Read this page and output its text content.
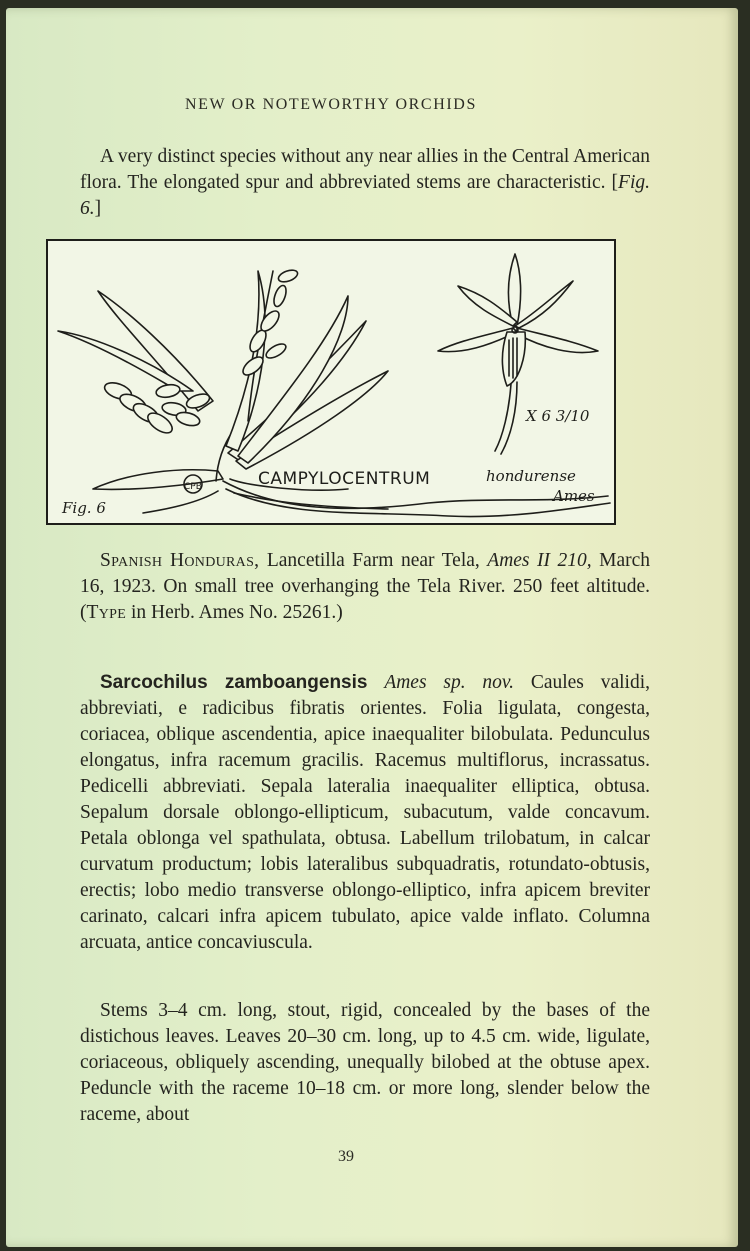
NEW OR NOTEWORTHY ORCHIDS
A very distinct species without any near allies in the Central American flora. The elongated spur and abbreviated stems are characteristic. [Fig. 6.]
CPB
X 6 3/10
CAMPYLOCENTRUM	hondurense
Ames
Fig. 6
Spanish Honduras, Lancetilla Farm near Tela, Ames II 210, March 16, 1923. On small tree overhanging the Tela River. 250 feet altitude. (Type in Herb. Ames No. 25261.)
Sarcochilus zamboangensis Ames sp. nov. Caules validi, abbreviati, e radicibus fibratis orientes. Folia ligulata, congesta, coriacea, oblique ascendentia, apice inaequaliter bilobulata. Pedunculus elongatus, infra racemum gracilis. Racemus multiflorus, incrassatus. Pedicelli abbreviati. Sepala lateralia inaequaliter elliptica, obtusa. Sepalum dorsale oblongo-ellipticum, subacutum, valde concavum. Petala oblonga vel spathulata, obtusa. Labellum trilobatum, in calcar curvatum productum; lobis lateralibus subquadratis, rotundato-obtusis, erectis; lobo medio transverse oblongo-elliptico, infra apicem breviter carinato, calcari infra apicem tubulato, apice valde inflato. Columna arcuata, antice concaviuscula.
Stems 3–4 cm. long, stout, rigid, concealed by the bases of the distichous leaves. Leaves 20–30 cm. long, up to 4.5 cm. wide, ligulate, coriaceous, obliquely ascending, unequally bilobed at the obtuse apex. Peduncle with the raceme 10–18 cm. or more long, slender below the raceme, about
39
